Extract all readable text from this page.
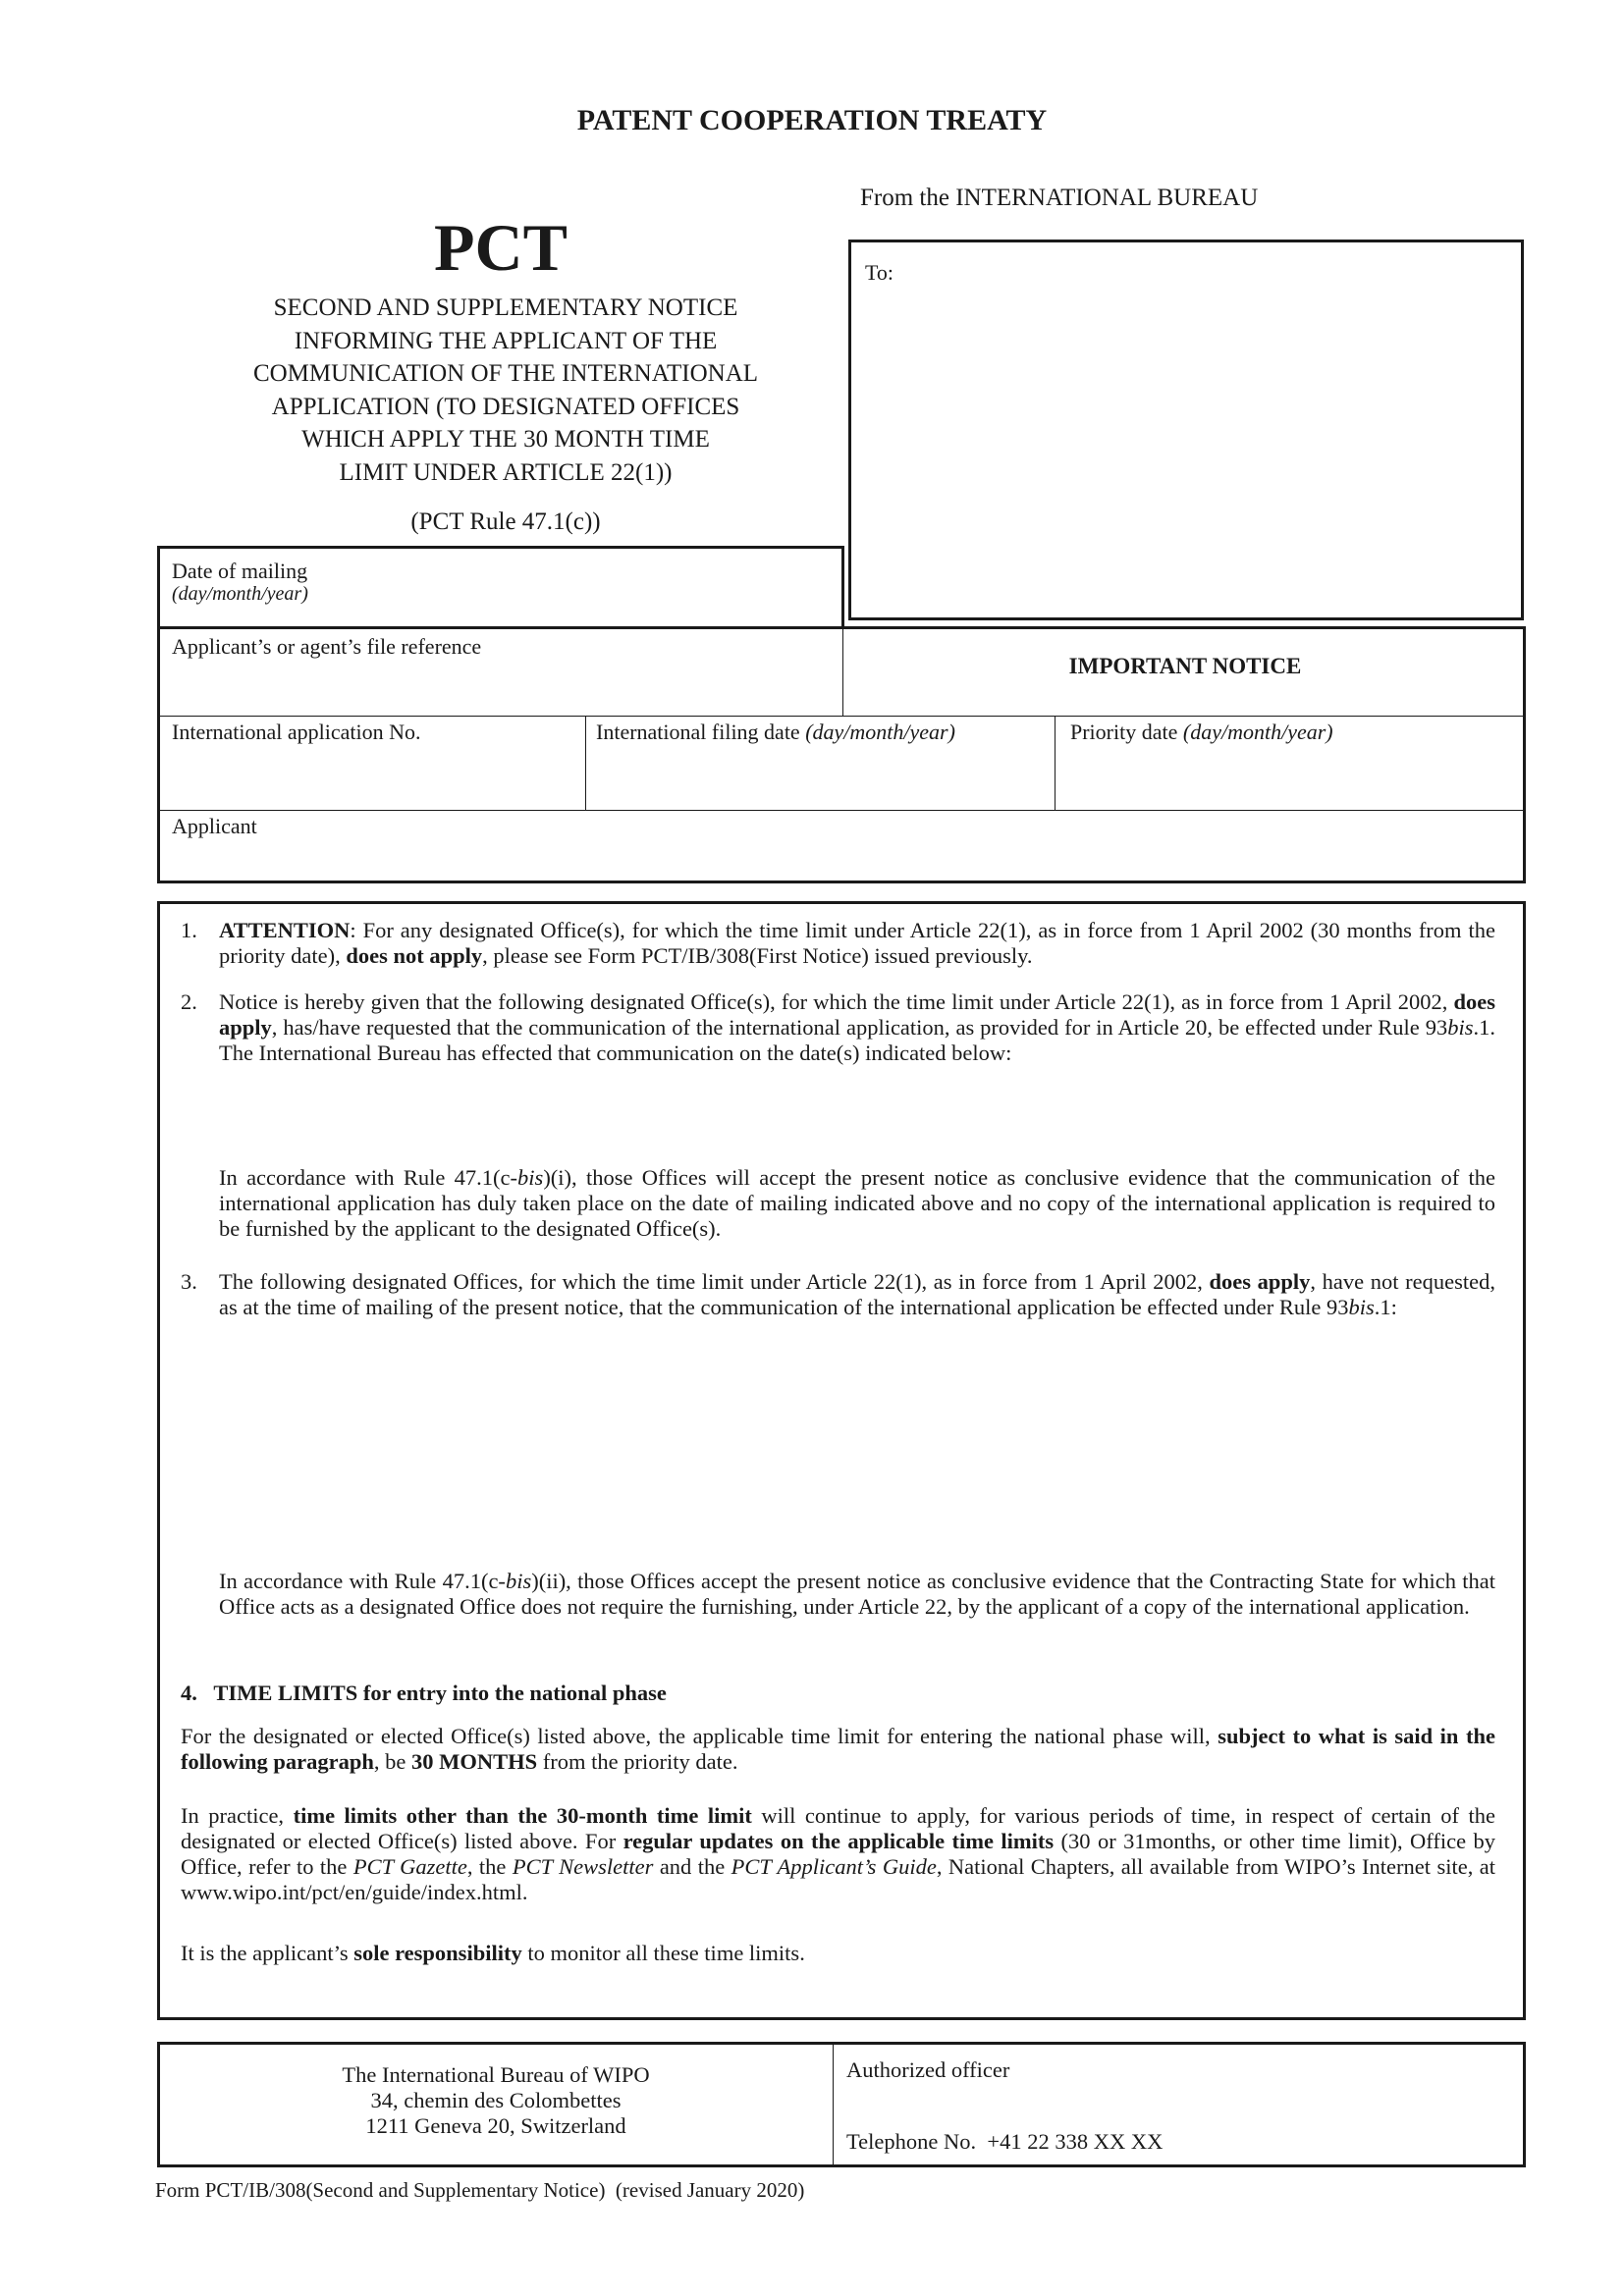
PATENT COOPERATION TREATY
From the INTERNATIONAL BUREAU
PCT
SECOND AND SUPPLEMENTARY NOTICE
INFORMING THE APPLICANT OF THE
COMMUNICATION OF THE INTERNATIONAL
APPLICATION (TO DESIGNATED OFFICES
WHICH APPLY THE 30 MONTH TIME
LIMIT UNDER ARTICLE 22(1))
(PCT Rule 47.1(c))
To:
Date of mailing
(day/month/year)
Applicant’s or agent’s file reference
IMPORTANT NOTICE
International application No.	International filing date (day/month/year)	Priority date (day/month/year)
Applicant
1. ATTENTION: For any designated Office(s), for which the time limit under Article 22(1), as in force from 1 April 2002 (30 months from the priority date), does not apply, please see Form PCT/IB/308(First Notice) issued previously.
2. Notice is hereby given that the following designated Office(s), for which the time limit under Article 22(1), as in force from 1 April 2002, does apply, has/have requested that the communication of the international application, as provided for in Article 20, be effected under Rule 93bis.1. The International Bureau has effected that communication on the date(s) indicated below:
In accordance with Rule 47.1(c-bis)(i), those Offices will accept the present notice as conclusive evidence that the communication of the international application has duly taken place on the date of mailing indicated above and no copy of the international application is required to be furnished by the applicant to the designated Office(s).
3. The following designated Offices, for which the time limit under Article 22(1), as in force from 1 April 2002, does apply, have not requested, as at the time of mailing of the present notice, that the communication of the international application be effected under Rule 93bis.1:
In accordance with Rule 47.1(c-bis)(ii), those Offices accept the present notice as conclusive evidence that the Contracting State for which that Office acts as a designated Office does not require the furnishing, under Article 22, by the applicant of a copy of the international application.
4.   TIME LIMITS for entry into the national phase
For the designated or elected Office(s) listed above, the applicable time limit for entering the national phase will, subject to what is said in the following paragraph, be 30 MONTHS from the priority date.
In practice, time limits other than the 30-month time limit will continue to apply, for various periods of time, in respect of certain of the designated or elected Office(s) listed above. For regular updates on the applicable time limits (30 or 31months, or other time limit), Office by Office, refer to the PCT Gazette, the PCT Newsletter and the PCT Applicant’s Guide, National Chapters, all available from WIPO’s Internet site, at www.wipo.int/pct/en/guide/index.html.
It is the applicant’s sole responsibility to monitor all these time limits.
The International Bureau of WIPO
34, chemin des Colombettes
1211 Geneva 20, Switzerland
Authorized officer
Telephone No.  +41 22 338 XX XX
Form PCT/IB/308(Second and Supplementary Notice)  (revised January 2020)
